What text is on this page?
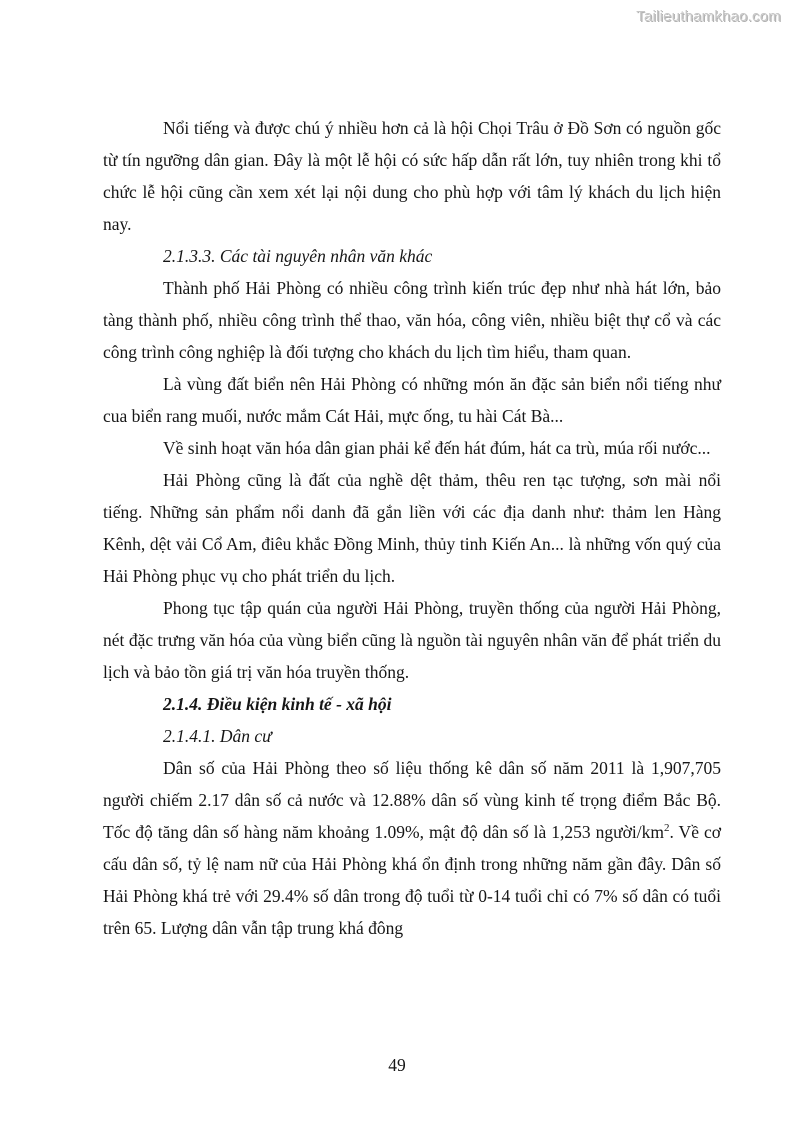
Tailieuthamkhao.com

Nổi tiếng và được chú ý nhiều hơn cả là hội Chọi Trâu ở Đồ Sơn có nguồn gốc từ tín ngưỡng dân gian. Đây là một lễ hội có sức hấp dẫn rất lớn, tuy nhiên trong khi tổ chức lễ hội cũng cần xem xét lại nội dung cho phù hợp với tâm lý khách du lịch hiện nay.

2.1.3.3. Các tài nguyên nhân văn khác

Thành phố Hải Phòng có nhiều công trình kiến trúc đẹp như nhà hát lớn, bảo tàng thành phố, nhiều công trình thể thao, văn hóa, công viên, nhiều biệt thự cổ và các công trình công nghiệp là đối tượng cho khách du lịch tìm hiểu, tham quan.

Là vùng đất biển nên Hải Phòng có những món ăn đặc sản biển nổi tiếng như cua biển rang muối, nước mắm Cát Hải, mực ống, tu hài Cát Bà...

Về sinh hoạt văn hóa dân gian phải kể đến hát đúm, hát ca trù, múa rối nước...

Hải Phòng cũng là đất của nghề dệt thảm, thêu ren tạc tượng, sơn mài nổi tiếng. Những sản phẩm nổi danh đã gắn liền với các địa danh như: thảm len Hàng Kênh, dệt vải Cổ Am, điêu khắc Đồng Minh, thủy tinh Kiến An... là những vốn quý của Hải Phòng phục vụ cho phát triển du lịch.

Phong tục tập quán của người Hải Phòng, truyền thống của người Hải Phòng, nét đặc trưng văn hóa của vùng biển cũng là nguồn tài nguyên nhân văn để phát triển du lịch và bảo tồn giá trị văn hóa truyền thống.

2.1.4. Điều kiện kinh tế - xã hội

2.1.4.1. Dân cư

Dân số của Hải Phòng theo số liệu thống kê dân số năm 2011 là 1,907,705 người chiếm 2.17 dân số cả nước và 12.88% dân số vùng kinh tế trọng điểm Bắc Bộ. Tốc độ tăng dân số hàng năm khoảng 1.09%, mật độ dân số là 1,253 người/$km^2$. Về cơ cấu dân số, tỷ lệ nam nữ của Hải Phòng khá ổn định trong những năm gần đây. Dân số Hải Phòng khá trẻ với 29.4% số dân trong độ tuổi từ 0-14 tuổi chỉ có 7% số dân có tuổi trên 65. Lượng dân vẫn tập trung khá đông

49
